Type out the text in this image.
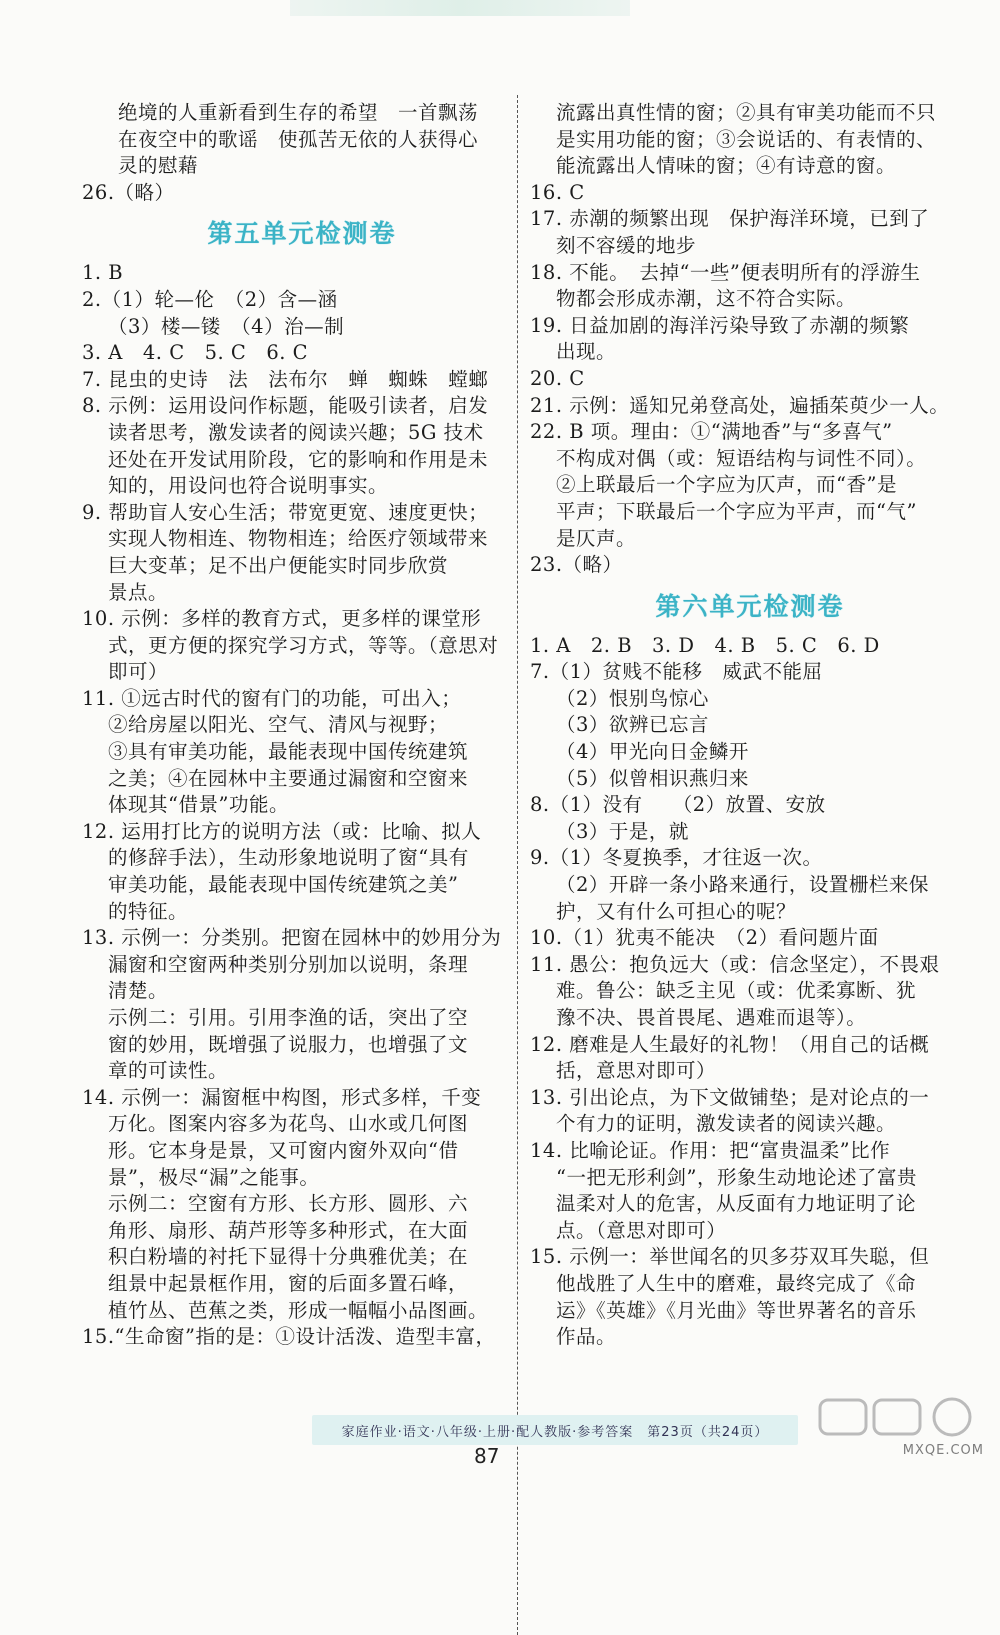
绝境的人重新看到生存的希望　一首飘荡
在夜空中的歌谣　使孤苦无依的人获得心
灵的慰藉
26.（略）
第五单元检测卷
1. B
2.（1）轮—伦　（2）含—涵
（3）楼—镂　（4）治—制
3. A　4. C　5. C　6. C
7. 昆虫的史诗　法　法布尔　蝉　蜘蛛　螳螂
8. 示例：运用设问作标题，能吸引读者，启发
读者思考，激发读者的阅读兴趣；5G 技术
还处在开发试用阶段，它的影响和作用是未
知的，用设问也符合说明事实。
9. 帮助盲人安心生活；带宽更宽、速度更快；
实现人物相连、物物相连；给医疗领域带来
巨大变革；足不出户便能实时同步欣赏
景点。
10. 示例：多样的教育方式，更多样的课堂形
式，更方便的探究学习方式，等等。（意思对
即可）
11. ①远古时代的窗有门的功能，可出入；
②给房屋以阳光、空气、清风与视野；
③具有审美功能，最能表现中国传统建筑
之美；④在园林中主要通过漏窗和空窗来
体现其“借景”功能。
12. 运用打比方的说明方法（或：比喻、拟人
的修辞手法），生动形象地说明了窗“具有
审美功能，最能表现中国传统建筑之美”
的特征。
13. 示例一：分类别。把窗在园林中的妙用分为
漏窗和空窗两种类别分别加以说明，条理
清楚。
示例二：引用。引用李渔的话，突出了空
窗的妙用，既增强了说服力，也增强了文
章的可读性。
14. 示例一：漏窗框中构图，形式多样，千变
万化。图案内容多为花鸟、山水或几何图
形。它本身是景，又可窗内窗外双向“借
景”，极尽“漏”之能事。
示例二：空窗有方形、长方形、圆形、六
角形、扇形、葫芦形等多种形式，在大面
积白粉墙的衬托下显得十分典雅优美；在
组景中起景框作用，窗的后面多置石峰，
植竹丛、芭蕉之类，形成一幅幅小品图画。
15.“生命窗”指的是：①设计活泼、造型丰富，
流露出真性情的窗；②具有审美功能而不只
是实用功能的窗；③会说话的、有表情的、
能流露出人情味的窗；④有诗意的窗。
16. C
17. 赤潮的频繁出现　保护海洋环境，已到了
刻不容缓的地步
18. 不能。　去掉“一些”便表明所有的浮游生
物都会形成赤潮，这不符合实际。
19. 日益加剧的海洋污染导致了赤潮的频繁
出现。
20. C
21. 示例：遥知兄弟登高处，遍插茱萸少一人。
22. B 项。理由：①“满地香”与“多喜气”
不构成对偶（或：短语结构与词性不同）。
②上联最后一个字应为仄声，而“香”是
平声；下联最后一个字应为平声，而“气”
是仄声。
23.（略）
第六单元检测卷
1. A　2. B　3. D　4. B　5. C　6. D
7.（1）贫贱不能移　威武不能屈
（2）恨别鸟惊心
（3）欲辨已忘言
（4）甲光向日金鳞开
（5）似曾相识燕归来
8.（1）没有　　（2）放置、安放
（3）于是，就
9.（1）冬夏换季，才往返一次。
（2）开辟一条小路来通行，设置栅栏来保
护，又有什么可担心的呢？
10.（1）犹夷不能决　（2）看问题片面
11. 愚公：抱负远大（或：信念坚定），不畏艰
难。鲁公：缺乏主见（或：优柔寡断、犹
豫不决、畏首畏尾、遇难而退等）。
12. 磨难是人生最好的礼物！（用自己的话概
括，意思对即可）
13. 引出论点，为下文做铺垫；是对论点的一
个有力的证明，激发读者的阅读兴趣。
14. 比喻论证。作用：把“富贵温柔”比作
“一把无形利剑”，形象生动地论述了富贵
温柔对人的危害，从反面有力地证明了论
点。（意思对即可）
15. 示例一：举世闻名的贝多芬双耳失聪，但
他战胜了人生中的磨难，最终完成了《命
运》《英雄》《月光曲》等世界著名的音乐
作品。
家庭作业·语文·八年级·上册·配人教版·参考答案　第23页（共24页）
87	MXQE.COM
